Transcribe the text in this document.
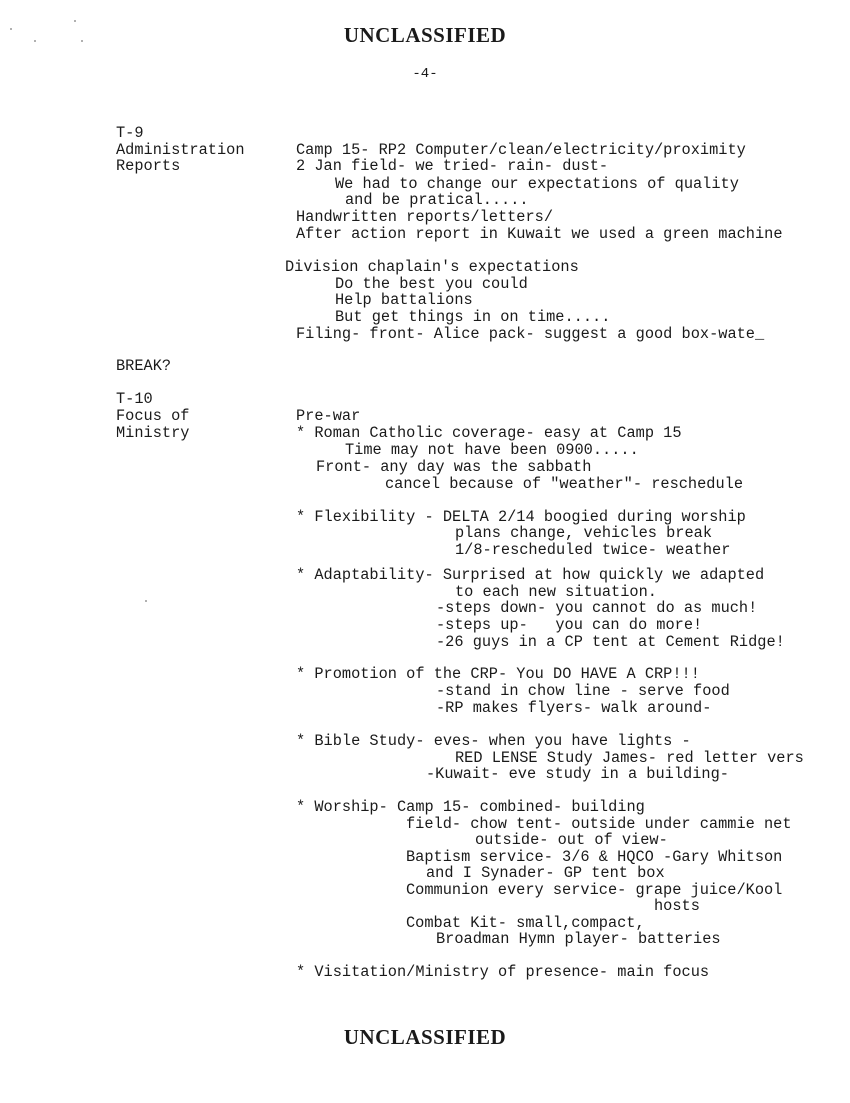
UNCLASSIFIED
-4-
T-9
Administration
Reports
Camp 15- RP2 Computer/clean/electricity/proximity
2 Jan field- we tried- rain- dust-
We had to change our expectations of quality
and be pratical.....
Handwritten reports/letters/
After action report in Kuwait we used a green machine
Division chaplain's expectations
Do the best you could
Help battalions
But get things in on time.....
Filing- front- Alice pack- suggest a good box-wate_
BREAK?
T-10
Focus of
Ministry
Pre-war
* Roman Catholic coverage- easy at Camp 15
Time may not have been 0900.....
Front- any day was the sabbath
cancel because of "weather"- reschedule
* Flexibility - DELTA 2/14 boogied during worship
plans change, vehicles break
1/8-rescheduled twice- weather
* Adaptability- Surprised at how quickly we adapted
to each new situation.
-steps down- you cannot do as much!
-steps up-   you can do more!
-26 guys in a CP tent at Cement Ridge!
* Promotion of the CRP- You DO HAVE A CRP!!!
-stand in chow line - serve food
-RP makes flyers- walk around-
* Bible Study- eves- when you have lights -
RED LENSE Study James- red letter vers
-Kuwait- eve study in a building-
* Worship- Camp 15- combined- building
field- chow tent- outside under cammie net
outside- out of view-
Baptism service- 3/6 & HQCO -Gary Whitson
and I Synader- GP tent box
Communion every service- grape juice/Kool
hosts
Combat Kit- small,compact,
Broadman Hymn player- batteries
* Visitation/Ministry of presence- main focus
UNCLASSIFIED
